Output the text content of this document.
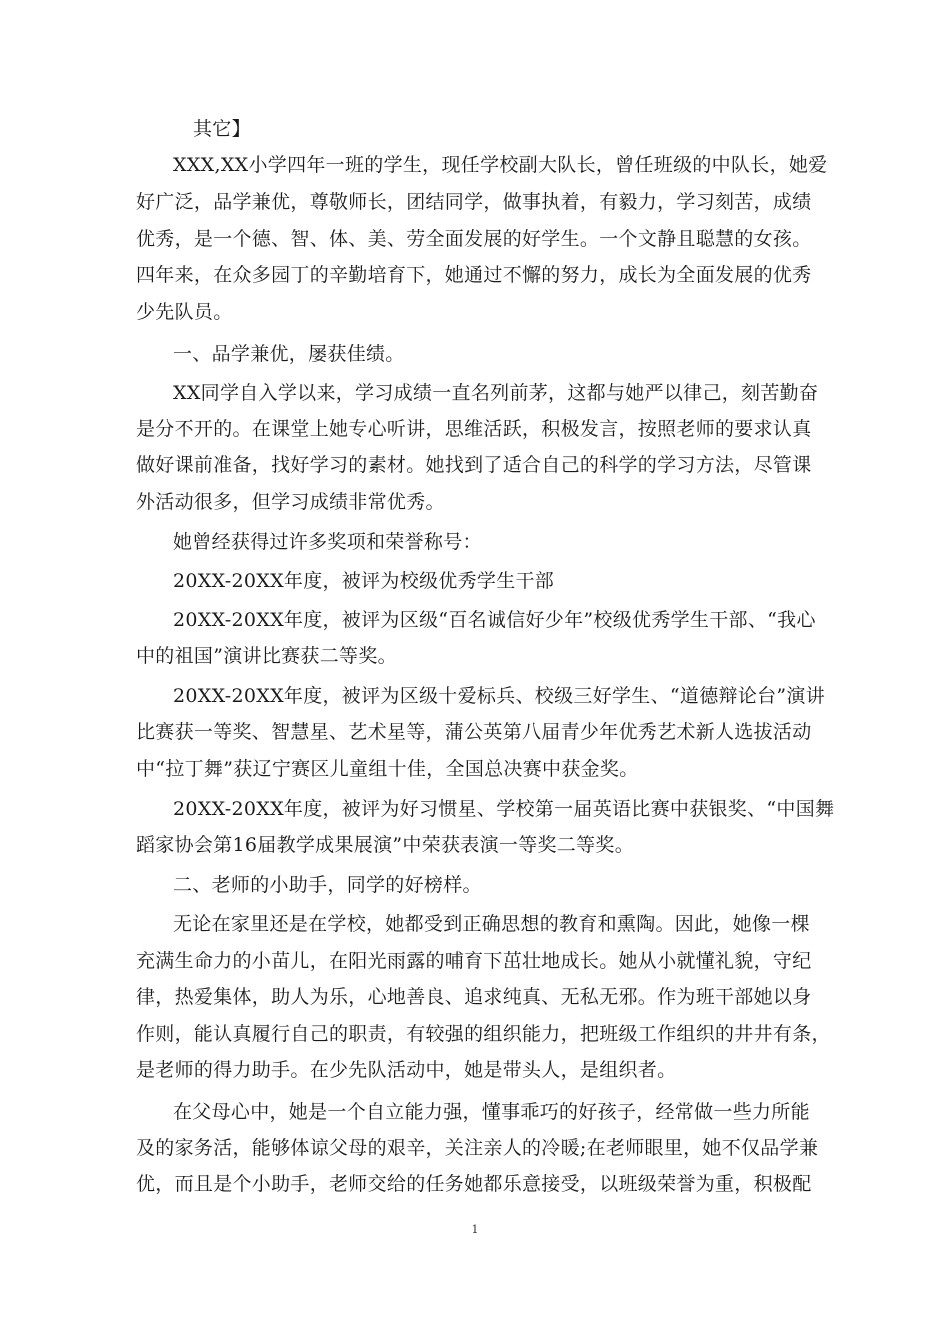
其它】
XXX,XX小学四年一班的学生，现任学校副大队长，曾任班级的中队长，她爱
好广泛，品学兼优，尊敬师长，团结同学，做事执着，有毅力，学习刻苦，成绩
优秀，是一个德、智、体、美、劳全面发展的好学生。一个文静且聪慧的女孩。
四年来，在众多园丁的辛勤培育下，她通过不懈的努力，成长为全面发展的优秀
少先队员。
一、品学兼优，屡获佳绩。
XX同学自入学以来，学习成绩一直名列前茅，这都与她严以律己，刻苦勤奋
是分不开的。在课堂上她专心听讲，思维活跃，积极发言，按照老师的要求认真
做好课前准备，找好学习的素材。她找到了适合自己的科学的学习方法，尽管课
外活动很多，但学习成绩非常优秀。
她曾经获得过许多奖项和荣誉称号：
20XX-20XX年度，被评为校级优秀学生干部
20XX-20XX年度，被评为区级“百名诚信好少年”校级优秀学生干部、“我心
中的祖国”演讲比赛获二等奖。
20XX-20XX年度，被评为区级十爱标兵、校级三好学生、“道德辩论台”演讲
比赛获一等奖、智慧星、艺术星等，蒲公英第八届青少年优秀艺术新人选拔活动
中“拉丁舞”获辽宁赛区儿童组十佳，全国总决赛中获金奖。
20XX-20XX年度，被评为好习惯星、学校第一届英语比赛中获银奖、“中国舞
蹈家协会第16届教学成果展演”中荣获表演一等奖二等奖。
二、老师的小助手，同学的好榜样。
无论在家里还是在学校，她都受到正确思想的教育和熏陶。因此，她像一棵
充满生命力的小苗儿，在阳光雨露的哺育下茁壮地成长。她从小就懂礼貌，守纪
律，热爱集体，助人为乐，心地善良、追求纯真、无私无邪。作为班干部她以身
作则，能认真履行自己的职责，有较强的组织能力，把班级工作组织的井井有条，
是老师的得力助手。在少先队活动中，她是带头人，是组织者。
在父母心中，她是一个自立能力强，懂事乖巧的好孩子，经常做一些力所能
及的家务活，能够体谅父母的艰辛，关注亲人的冷暖;在老师眼里，她不仅品学兼
优，而且是个小助手，老师交给的任务她都乐意接受，以班级荣誉为重，积极配
1
